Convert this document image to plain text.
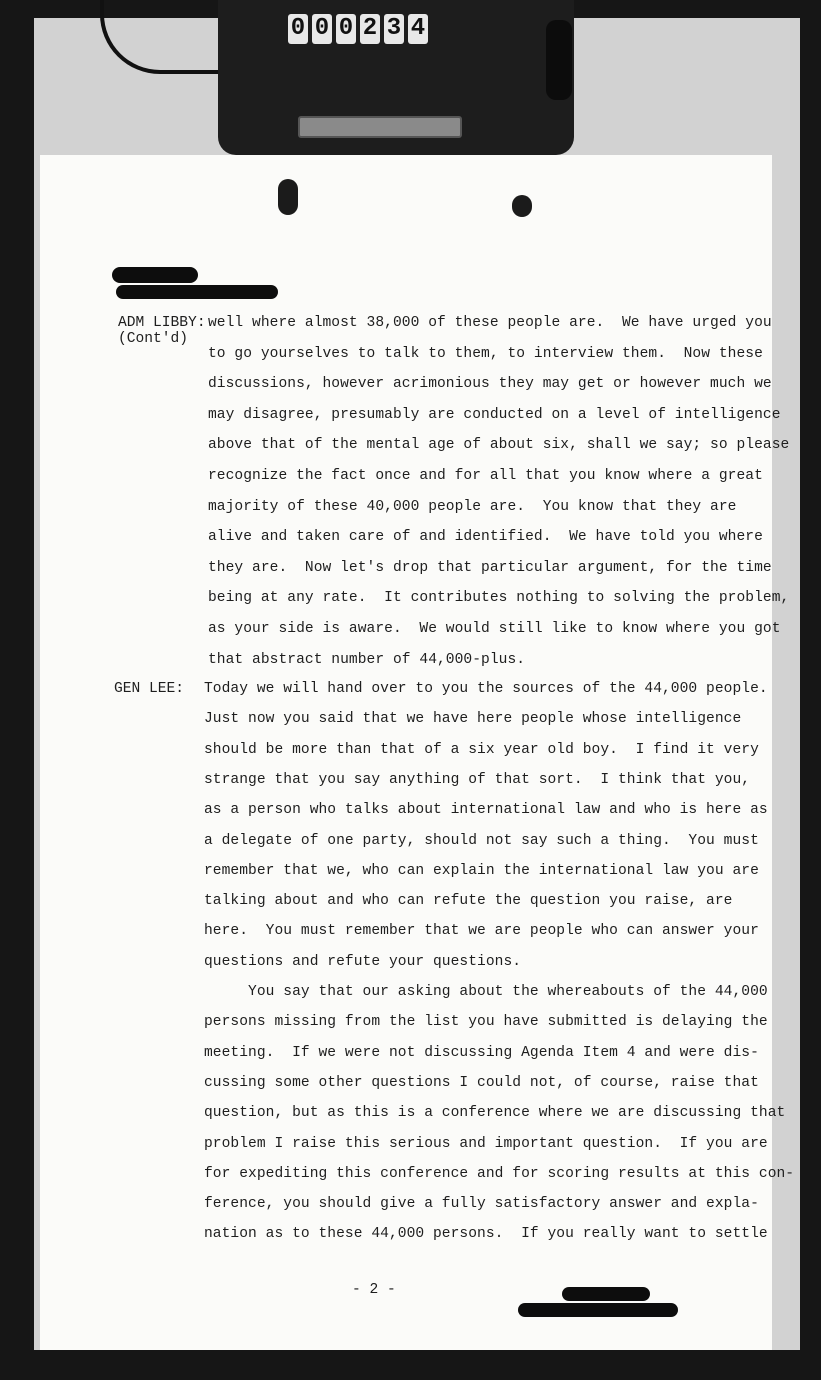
0 0 0 2 3 4
ADM LIBBY:
(Cont'd)
GEN LEE:
well where almost 38,000 of these people are.  We have urged you
to go yourselves to talk to them, to interview them.  Now these
discussions, however acrimonious they may get or however much we
may disagree, presumably are conducted on a level of intelligence
above that of the mental age of about six, shall we say; so please
recognize the fact once and for all that you know where a great
majority of these 40,000 people are.  You know that they are
alive and taken care of and identified.  We have told you where
they are.  Now let's drop that particular argument, for the time
being at any rate.  It contributes nothing to solving the problem,
as your side is aware.  We would still like to know where you got
that abstract number of 44,000-plus.
Today we will hand over to you the sources of the 44,000 people.
Just now you said that we have here people whose intelligence
should be more than that of a six year old boy.  I find it very
strange that you say anything of that sort.  I think that you,
as a person who talks about international law and who is here as
a delegate of one party, should not say such a thing.  You must
remember that we, who can explain the international law you are
talking about and who can refute the question you raise, are
here.  You must remember that we are people who can answer your
questions and refute your questions.
You say that our asking about the whereabouts of the 44,000
persons missing from the list you have submitted is delaying the
meeting.  If we were not discussing Agenda Item 4 and were dis-
cussing some other questions I could not, of course, raise that
question, but as this is a conference where we are discussing that
problem I raise this serious and important question.  If you are
for expediting this conference and for scoring results at this con-
ference, you should give a fully satisfactory answer and expla-
nation as to these 44,000 persons.  If you really want to settle
- 2 -
